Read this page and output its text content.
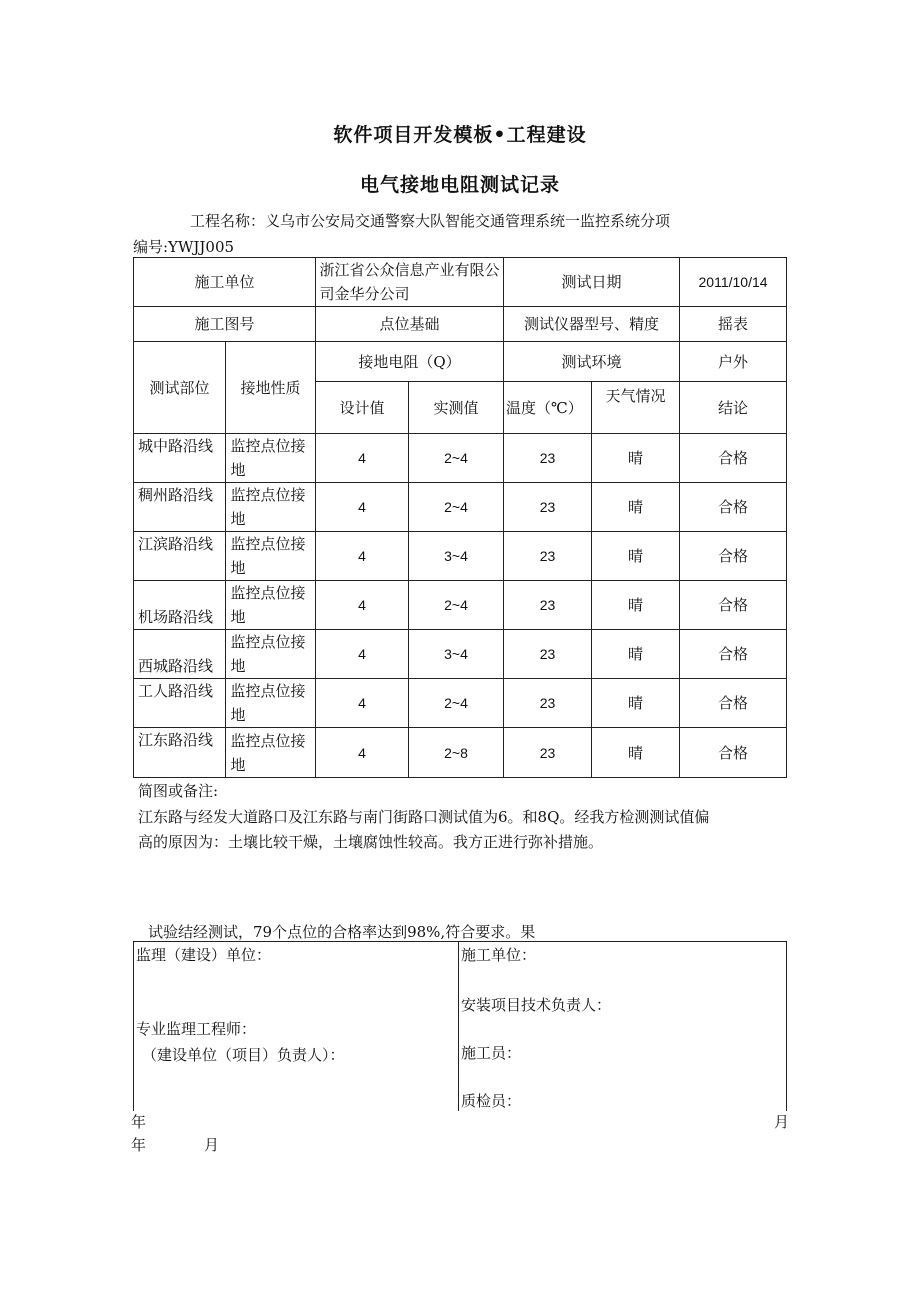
软件项目开发模板•工程建设
电气接地电阻测试记录
工程名称：义乌市公安局交通警察大队智能交通管理系统一监控系统分项
编号:YWJJ005
施工单位		浙江省公众信息产业有限公司金华分公司		测试日期		2011/10/14
施工图号		点位基础		测试仪器型号、精度		摇表
测试部位	接地性质	接地电阻（Q）		测试环境		户外
		设计值	实测值	温度（℃）	天气情况	结论
城中路沿线	监控点位接地	4	2~4	23	晴	合格
稠州路沿线	监控点位接地	4	2~4	23	晴	合格
江滨路沿线	监控点位接地	4	3~4	23	晴	合格
机场路沿线	监控点位接地	4	2~4	23	晴	合格
西城路沿线	监控点位接地	4	3~4	23	晴	合格
工人路沿线	监控点位接地	4	2~4	23	晴	合格
江东路沿线	监控点位接地	4	2~8	23	晴	合格
简图或备注:
江东路与经发大道路口及江东路与南门街路口测试值为6。和8Q。经我方检测测试值偏
高的原因为：土壤比较干燥，土壤腐蚀性较高。我方正进行弥补措施。
试验结经测试，79个点位的合格率达到98%,符合要求。果
监理（建设）单位：
专业监理工程师：
（建设单位（项目）负责人）：

施工单位：
安装项目技术负责人：
施工员：
质检员：
年	月
年	月
